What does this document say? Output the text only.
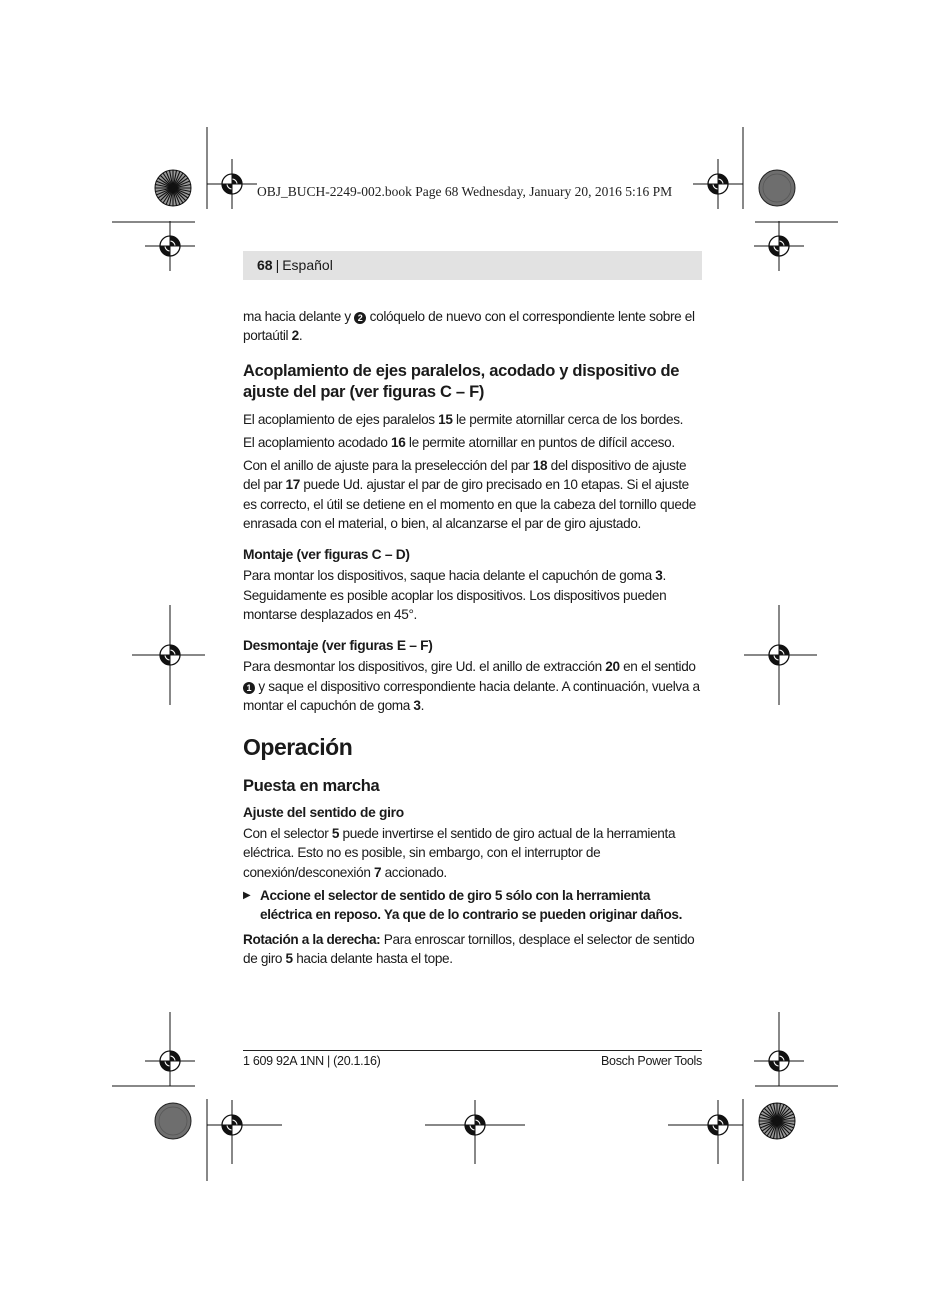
OBJ_BUCH-2249-002.book Page 68 Wednesday, January 20, 2016 5:16 PM
68 | Español

ma hacia delante y 2 colóquelo de nuevo con el correspondiente lente sobre el portaútil 2.

Acoplamiento de ejes paralelos, acodado y dispositivo de ajuste del par (ver figuras C – F)

El acoplamiento de ejes paralelos 15 le permite atornillar cerca de los bordes.

El acoplamiento acodado 16 le permite atornillar en puntos de difícil acceso.

Con el anillo de ajuste para la preselección del par 18 del dispositivo de ajuste del par 17 puede Ud. ajustar el par de giro precisado en 10 etapas. Si el ajuste es correcto, el útil se detiene en el momento en que la cabeza del tornillo quede enrasada con el material, o bien, al alcanzarse el par de giro ajustado.

Montaje (ver figuras C – D)

Para montar los dispositivos, saque hacia delante el capuchón de goma 3. Seguidamente es posible acoplar los dispositivos. Los dispositivos pueden montarse desplazados en 45°.

Desmontaje (ver figuras E – F)

Para desmontar los dispositivos, gire Ud. el anillo de extracción 20 en el sentido 1 y saque el dispositivo correspondiente hacia delante. A continuación, vuelva a montar el capuchón de goma 3.

Operación
Puesta en marcha
Ajuste del sentido de giro

Con el selector 5 puede invertirse el sentido de giro actual de la herramienta eléctrica. Esto no es posible, sin embargo, con el interruptor de conexión/desconexión 7 accionado.

▶ Accione el selector de sentido de giro 5 sólo con la herramienta eléctrica en reposo. Ya que de lo contrario se pueden originar daños.

Rotación a la derecha: Para enroscar tornillos, desplace el selector de sentido de giro 5 hacia delante hasta el tope.

1 609 92A 1NN | (20.1.16)	Bosch Power Tools
